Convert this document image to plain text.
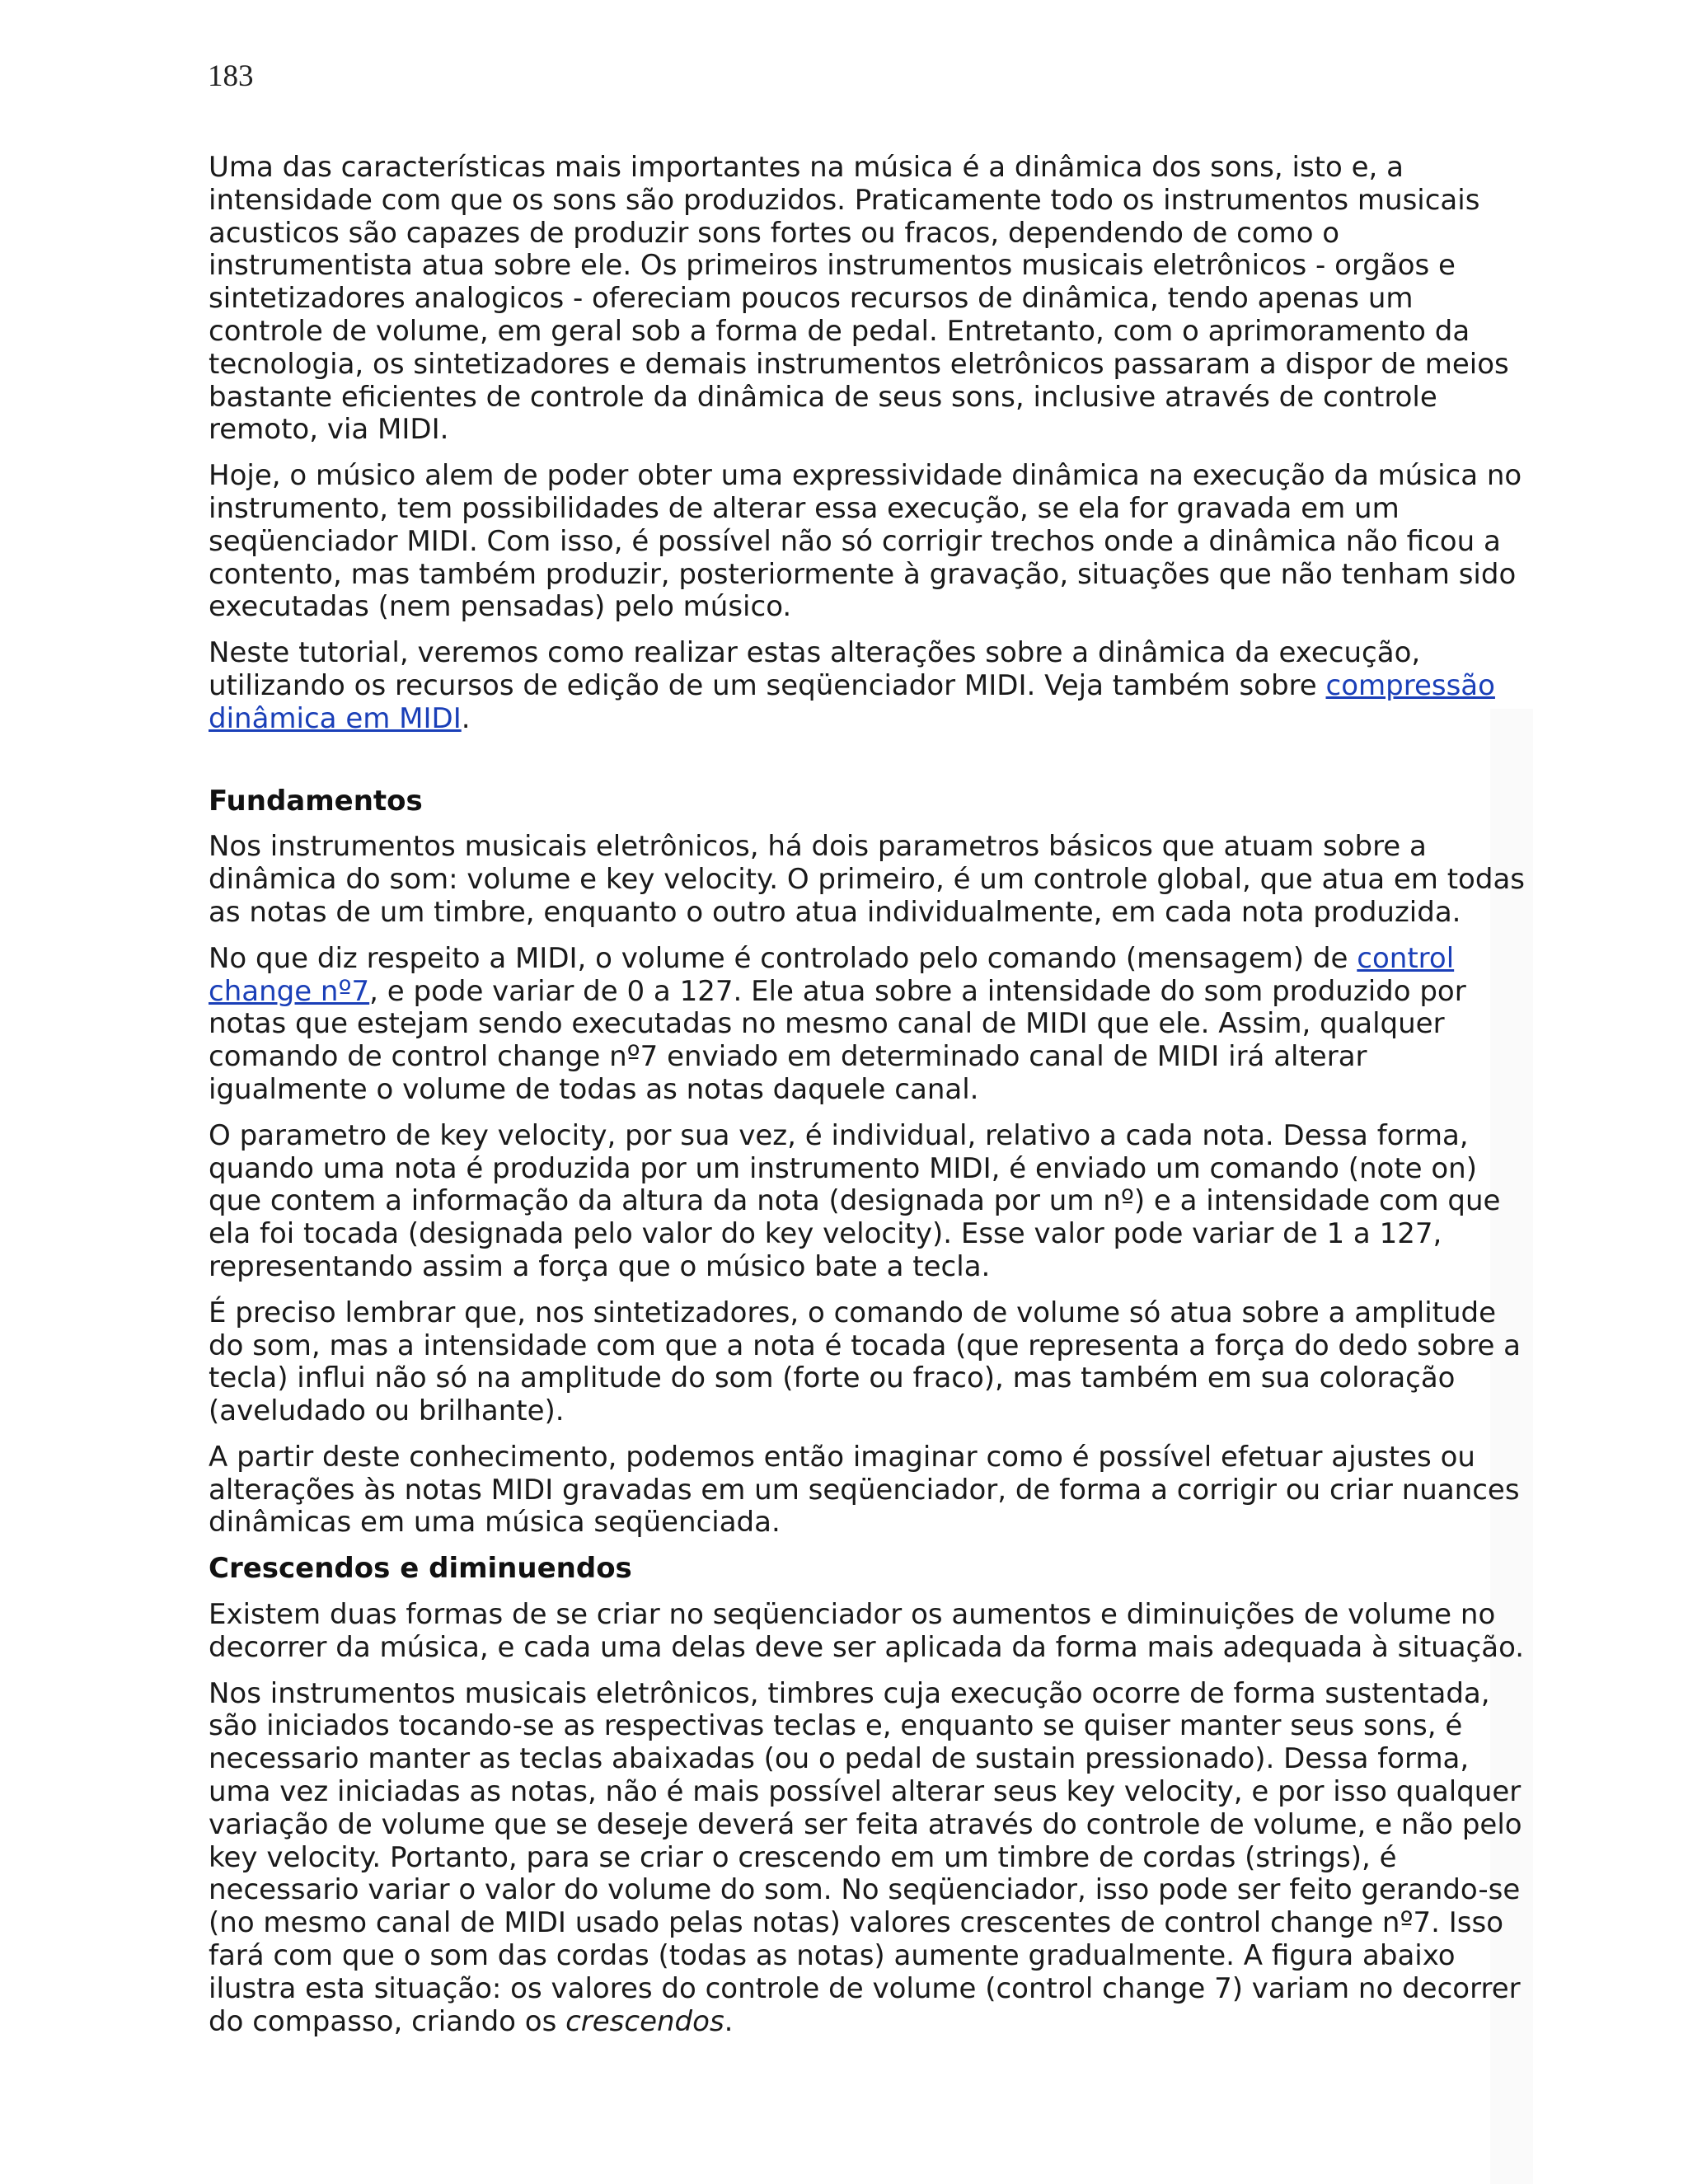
183

Uma das características mais importantes na música é a dinâmica dos sons, isto e, a intensidade com que os sons são produzidos. Praticamente todo os instrumentos musicais acusticos são capazes de produzir sons fortes ou fracos, dependendo de como o instrumentista atua sobre ele. Os primeiros instrumentos musicais eletrônicos - orgãos e sintetizadores analogicos - ofereciam poucos recursos de dinâmica, tendo apenas um controle de volume, em geral sob a forma de pedal. Entretanto, com o aprimoramento da tecnologia, os sintetizadores e demais instrumentos eletrônicos passaram a dispor de meios bastante eficientes de controle da dinâmica de seus sons, inclusive através de controle remoto, via MIDI.

Hoje, o músico alem de poder obter uma expressividade dinâmica na execução da música no instrumento, tem possibilidades de alterar essa execução, se ela for gravada em um seqüenciador MIDI. Com isso, é possível não só corrigir trechos onde a dinâmica não ficou a contento, mas também produzir, posteriormente à gravação, situações que não tenham sido executadas (nem pensadas) pelo músico.

Neste tutorial, veremos como realizar estas alterações sobre a dinâmica da execução, utilizando os recursos de edição de um seqüenciador MIDI. Veja também sobre compressão dinâmica em MIDI.

Fundamentos

Nos instrumentos musicais eletrônicos, há dois parametros básicos que atuam sobre a dinâmica do som: volume e key velocity. O primeiro, é um controle global, que atua em todas as notas de um timbre, enquanto o outro atua individualmente, em cada nota produzida.

No que diz respeito a MIDI, o volume é controlado pelo comando (mensagem) de control change nº7, e pode variar de 0 a 127. Ele atua sobre a intensidade do som produzido por notas que estejam sendo executadas no mesmo canal de MIDI que ele. Assim, qualquer comando de control change nº7 enviado em determinado canal de MIDI irá alterar igualmente o volume de todas as notas daquele canal.

O parametro de key velocity, por sua vez, é individual, relativo a cada nota. Dessa forma, quando uma nota é produzida por um instrumento MIDI, é enviado um comando (note on) que contem a informação da altura da nota (designada por um nº) e a intensidade com que ela foi tocada (designada pelo valor do key velocity). Esse valor pode variar de 1 a 127, representando assim a força que o músico bate a tecla.

É preciso lembrar que, nos sintetizadores, o comando de volume só atua sobre a amplitude do som, mas a intensidade com que a nota é tocada (que representa a força do dedo sobre a tecla) influi não só na amplitude do som (forte ou fraco), mas também em sua coloração (aveludado ou brilhante).

A partir deste conhecimento, podemos então imaginar como é possível efetuar ajustes ou alterações às notas MIDI gravadas em um seqüenciador, de forma a corrigir ou criar nuances dinâmicas em uma música seqüenciada.

Crescendos e diminuendos

Existem duas formas de se criar no seqüenciador os aumentos e diminuições de volume no decorrer da música, e cada uma delas deve ser aplicada da forma mais adequada à situação.

Nos instrumentos musicais eletrônicos, timbres cuja execução ocorre de forma sustentada, são iniciados tocando-se as respectivas teclas e, enquanto se quiser manter seus sons, é necessario manter as teclas abaixadas (ou o pedal de sustain pressionado). Dessa forma, uma vez iniciadas as notas, não é mais possível alterar seus key velocity, e por isso qualquer variação de volume que se deseje deverá ser feita através do controle de volume, e não pelo key velocity. Portanto, para se criar o crescendo em um timbre de cordas (strings), é necessario variar o valor do volume do som. No seqüenciador, isso pode ser feito gerando-se (no mesmo canal de MIDI usado pelas notas) valores crescentes de control change nº7. Isso fará com que o som das cordas (todas as notas) aumente gradualmente. A figura abaixo ilustra esta situação: os valores do controle de volume (control change 7) variam no decorrer do compasso, criando os crescendos.
